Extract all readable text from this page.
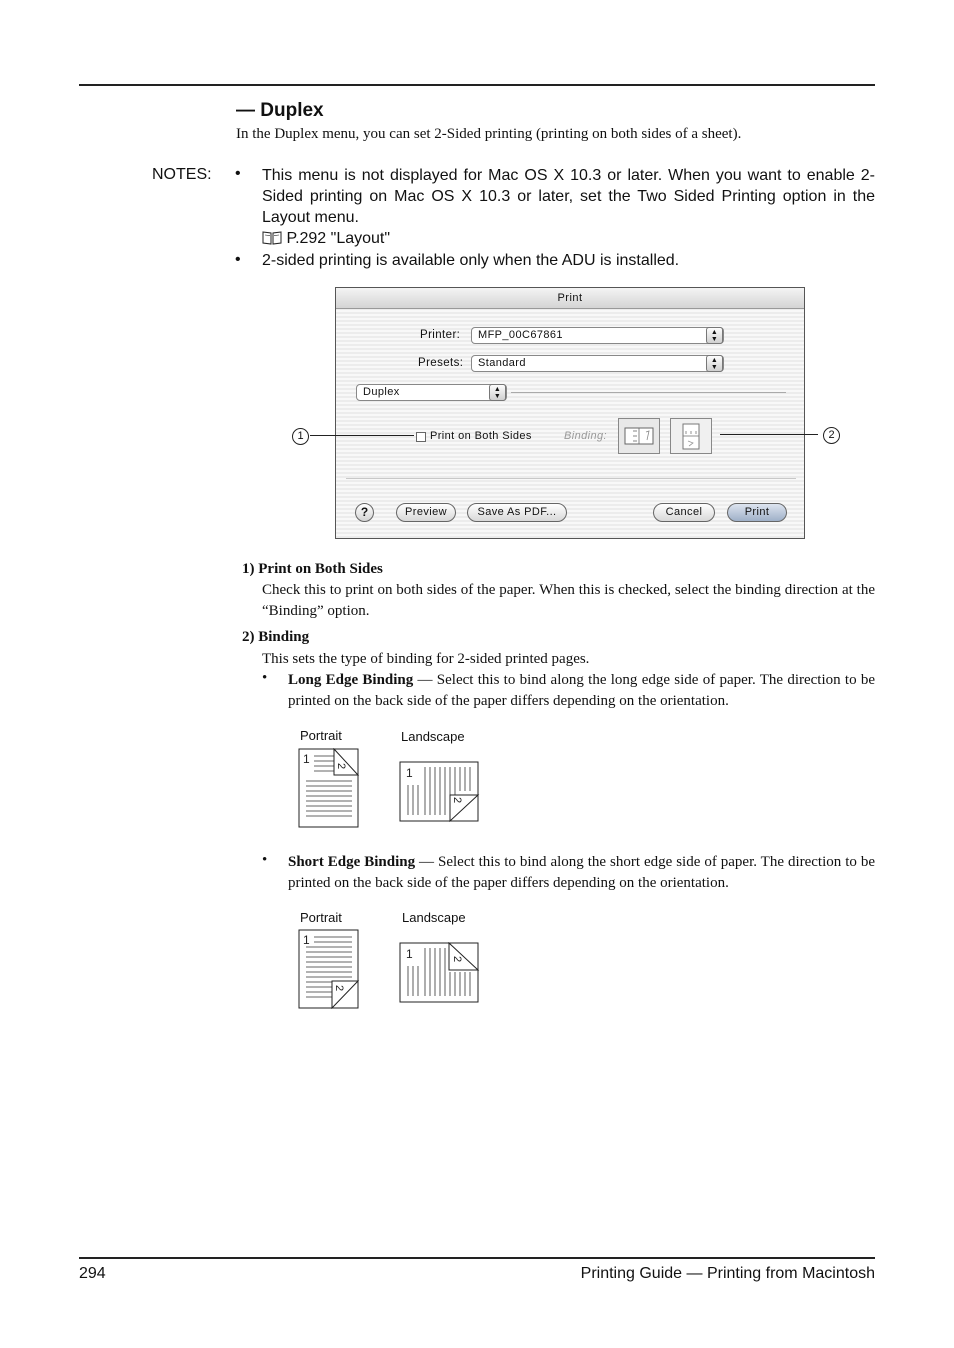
— Duplex
In the Duplex menu, you can set 2-Sided printing (printing on both sides of a sheet).
NOTES: • This menu is not displayed for Mac OS X 10.3 or later. When you want to enable 2-Sided printing on Mac OS X 10.3 or later, set the Two Sided Printing option in the Layout menu.
P.292 "Layout"
• 2-sided printing is available only when the ADU is installed.
Print
Printer:	MFP_00C67861	▲
▼
Presets:	Standard	▲
▼
Duplex	▲
▼
Print on Both Sides	Binding:
?	Preview	Save As PDF...	Cancel	Print
1	2
1) Print on Both Sides
Check this to print on both sides of the paper. When this is checked, select the binding direction at the “Binding” option.
2) Binding
This sets the type of binding for 2-sided printed pages.
• Long Edge Binding — Select this to bind along the long edge side of paper. The direction to be printed on the back side of the paper differs depending on the orientation.
Portrait	Landscape
1
2	1
2
• Short Edge Binding — Select this to bind along the short edge side of paper. The direction to be printed on the back side of the paper differs depending on the orientation.
Portrait	Landscape
1
2
1	2
294	Printing Guide — Printing from Macintosh
